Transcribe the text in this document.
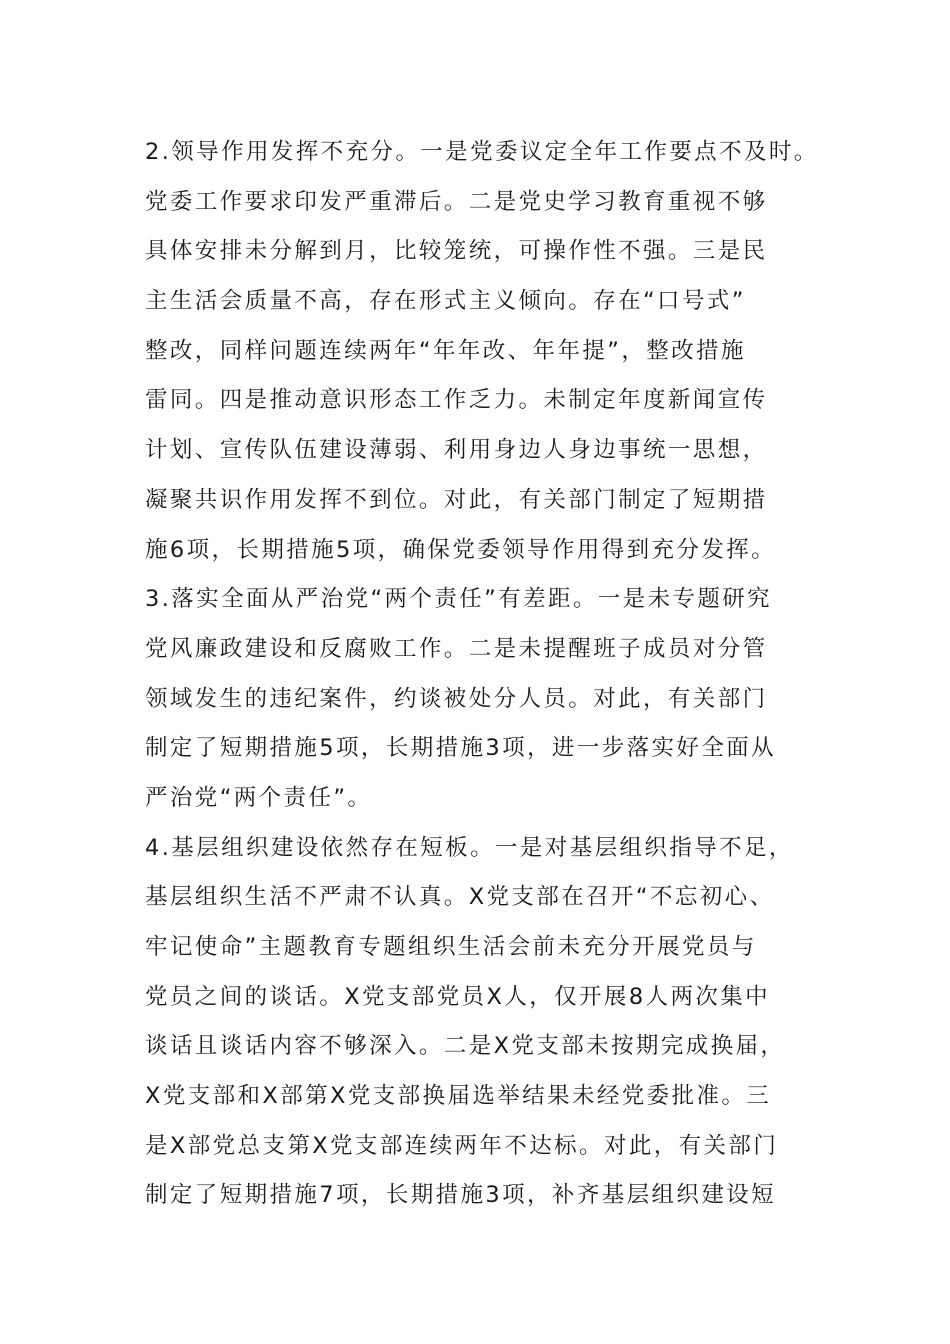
2.领导作用发挥不充分。一是党委议定全年工作要点不及时。
党委工作要求印发严重滞后。二是党史学习教育重视不够
具体安排未分解到月，比较笼统，可操作性不强。三是民
主生活会质量不高，存在形式主义倾向。存在“口号式”
整改，同样问题连续两年“年年改、年年提”，整改措施
雷同。四是推动意识形态工作乏力。未制定年度新闻宣传
计划、宣传队伍建设薄弱、利用身边人身边事统一思想，
凝聚共识作用发挥不到位。对此，有关部门制定了短期措
施6项，长期措施5项，确保党委领导作用得到充分发挥。
3.落实全面从严治党“两个责任”有差距。一是未专题研究
党风廉政建设和反腐败工作。二是未提醒班子成员对分管
领域发生的违纪案件，约谈被处分人员。对此，有关部门
制定了短期措施5项，长期措施3项，进一步落实好全面从
严治党“两个责任”。
4.基层组织建设依然存在短板。一是对基层组织指导不足，
基层组织生活不严肃不认真。X党支部在召开“不忘初心、
牢记使命”主题教育专题组织生活会前未充分开展党员与
党员之间的谈话。X党支部党员X人，仅开展8人两次集中
谈话且谈话内容不够深入。二是X党支部未按期完成换届，
X党支部和X部第X党支部换届选举结果未经党委批准。三
是X部党总支第X党支部连续两年不达标。对此，有关部门
制定了短期措施7项，长期措施3项，补齐基层组织建设短
